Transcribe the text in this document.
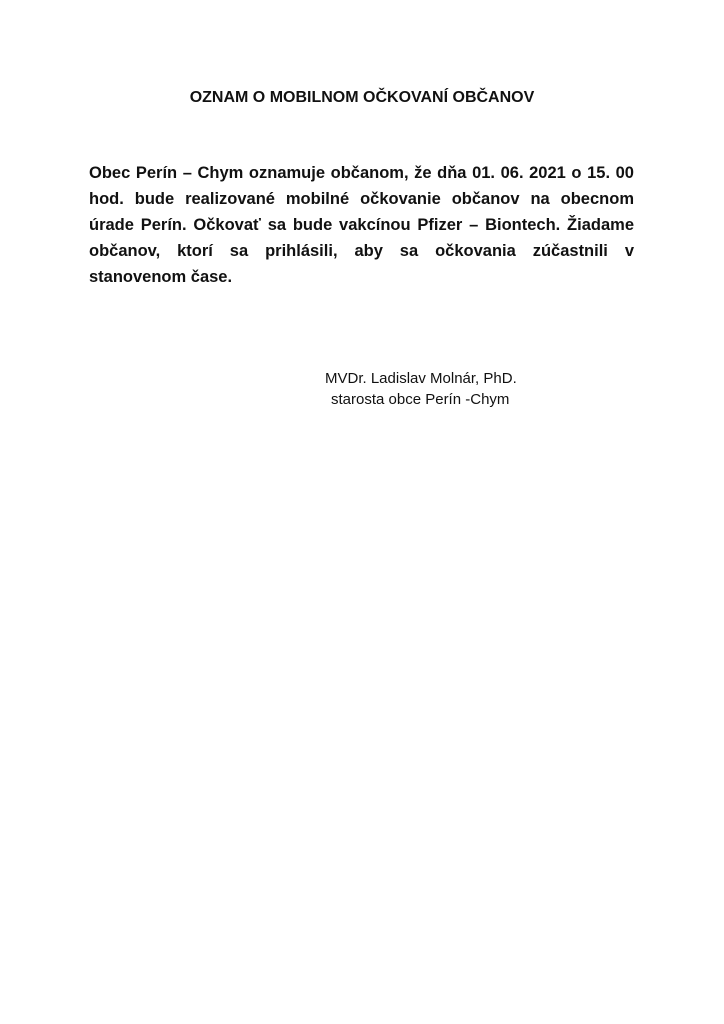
OZNAM O MOBILNOM OČKOVANÍ OBČANOV

Obec Perín – Chym oznamuje občanom, že dňa 01. 06. 2021 o 15. 00 hod. bude realizované mobilné očkovanie občanov na obecnom úrade Perín. Očkovať sa bude vakcínou Pfizer – Biontech. Žiadame občanov, ktorí sa prihlásili, aby sa očkovania zúčastnili v stanovenom čase.

MVDr. Ladislav Molnár, PhD.
starosta obce Perín -Chym
